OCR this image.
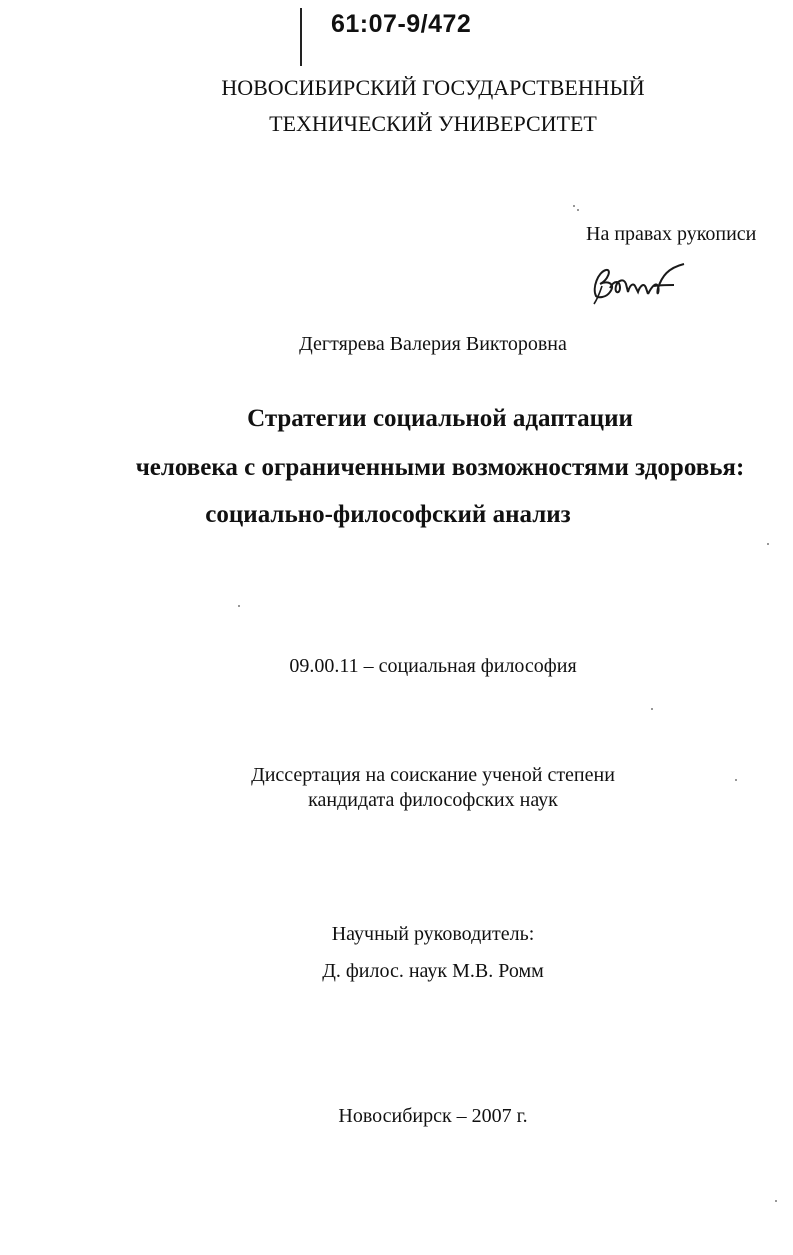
61:07-9/472
НОВОСИБИРСКИЙ ГОСУДАРСТВЕННЫЙ
ТЕХНИЧЕСКИЙ УНИВЕРСИТЕТ
На правах рукописи
Дегтярева Валерия Викторовна
Стратегии социальной адаптации
человека с ограниченными возможностями здоровья:
социально-философский анализ
09.00.11 – социальная философия
Диссертация на соискание ученой степени
кандидата философских наук
Научный руководитель:
Д. филос. наук М.В. Ромм
Новосибирск – 2007 г.
